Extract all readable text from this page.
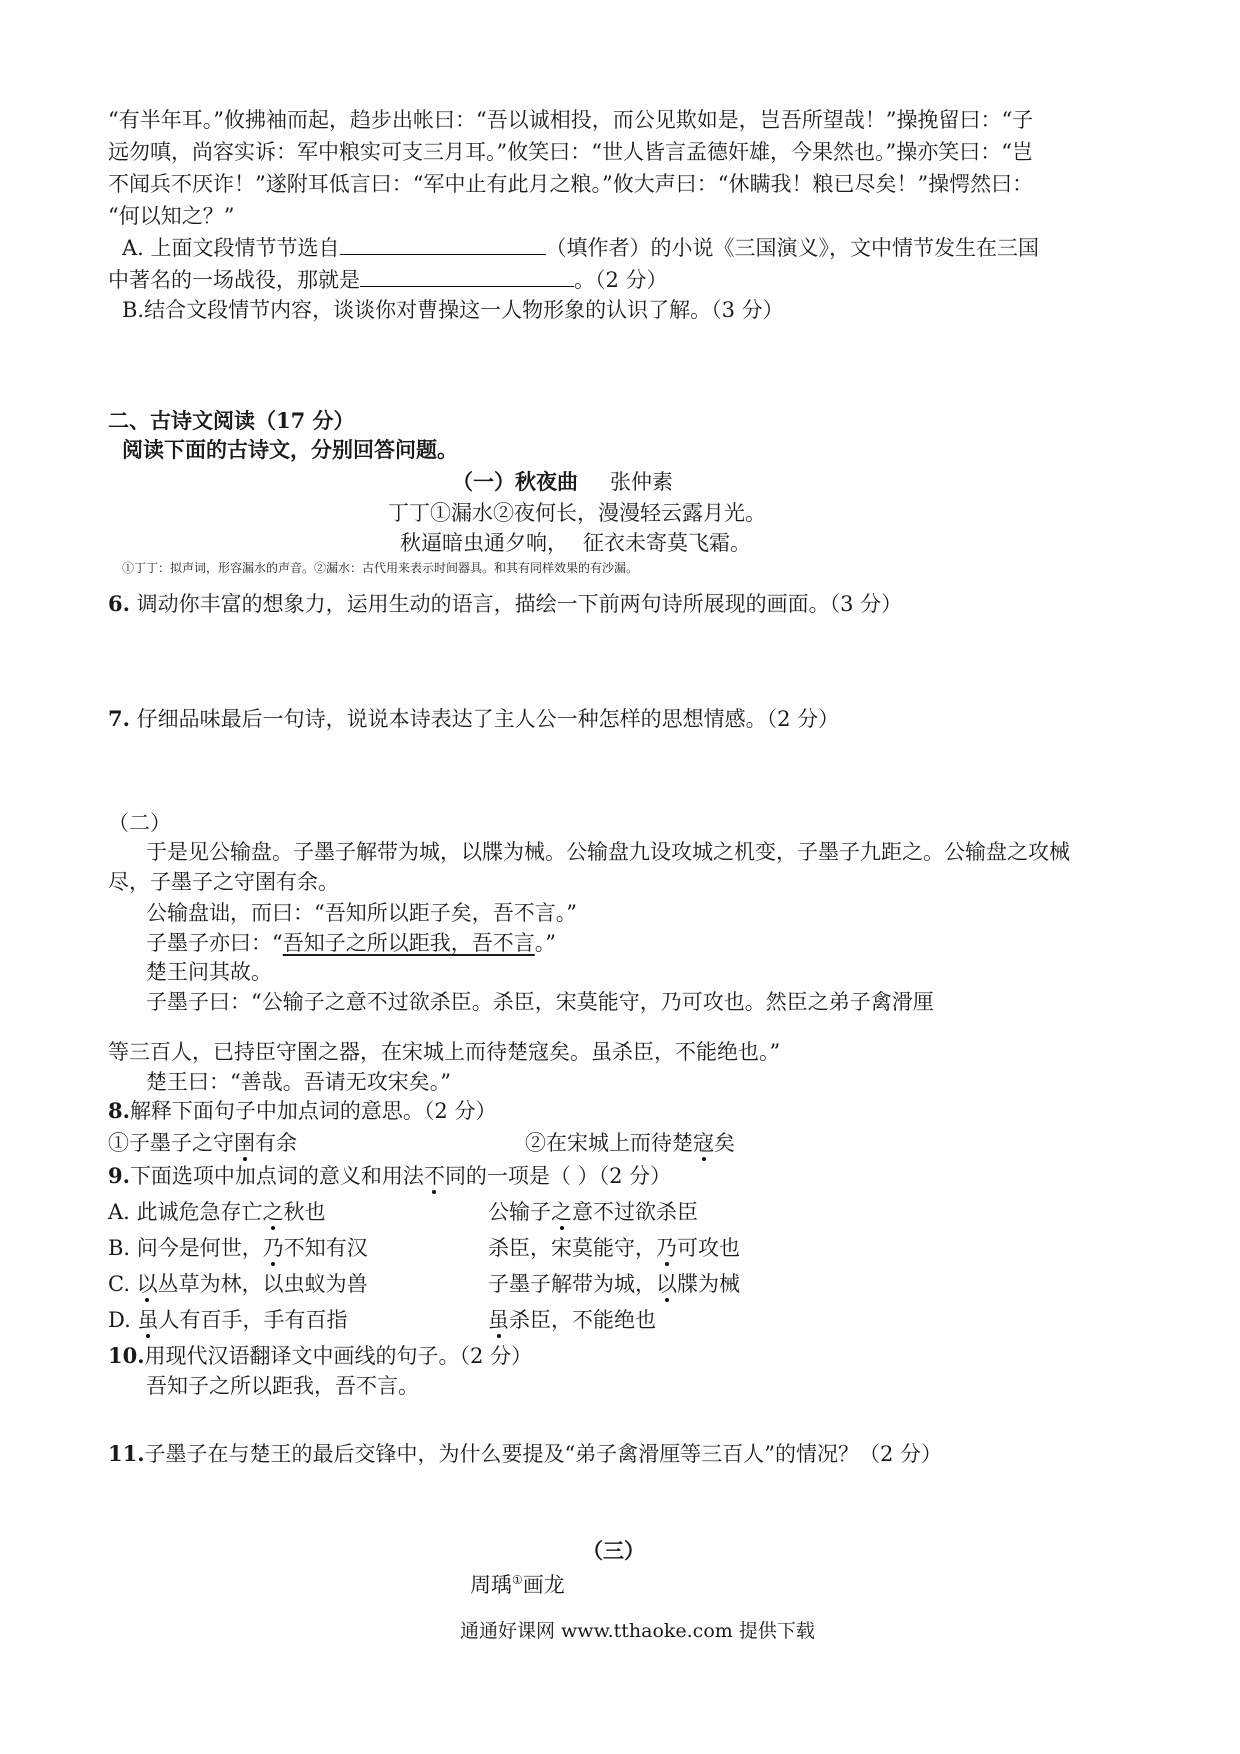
“有半年耳。”攸拂袖而起，趋步出帐曰：“吾以诚相投，而公见欺如是，岂吾所望哉！”操挽留曰：“子
远勿嗔，尚容实诉：军中粮实可支三月耳。”攸笑曰：“世人皆言孟德奸雄，今果然也。”操亦笑曰：“岂
不闻兵不厌诈！”遂附耳低言曰：“军中止有此月之粮。”攸大声曰：“休瞒我！粮已尽矣！”操愕然曰：
“何以知之？”
A. 上面文段情节节选自	（填作者）的小说《三国演义》，文中情节发生在三国
中著名的一场战役，那就是	。（2 分）
B.结合文段情节内容，谈谈你对曹操这一人物形象的认识了解。（3 分）
二、古诗文阅读（17 分）
阅读下面的古诗文，分别回答问题。
（一）秋夜曲 张仲素
丁丁①漏水②夜何长，漫漫轻云露月光。
秋逼暗虫通夕响， 征衣未寄莫飞霜。
①丁丁：拟声词，形容漏水的声音。②漏水：古代用来表示时间器具。和其有同样效果的有沙漏。
6. 调动你丰富的想象力，运用生动的语言，描绘一下前两句诗所展现的画面。（3 分）
7. 仔细品味最后一句诗，说说本诗表达了主人公一种怎样的思想情感。（2 分）
（二）
于是见公输盘。子墨子解带为城，以牒为械。公输盘九设攻城之机变，子墨子九距之。公输盘之攻械
尽，子墨子之守圉有余。
公输盘诎，而曰：“吾知所以距子矣，吾不言。”
子墨子亦曰：“吾知子之所以距我，吾不言。”
楚王问其故。
子墨子曰：“公输子之意不过欲杀臣。杀臣，宋莫能守，乃可攻也。然臣之弟子禽滑厘
等三百人，已持臣守圉之器，在宋城上而待楚寇矣。虽杀臣，不能绝也。”
楚王曰：“善哉。吾请无攻宋矣。”
8.解释下面句子中加点词的意思。（2 分）
①子墨子之守圉有余	②在宋城上而待楚寇矣
9.下面选项中加点词的意义和用法不同的一项是（ ）（2 分）
A. 此诚危急存亡之秋也	公输子之意不过欲杀臣
B. 问今是何世，乃不知有汉	杀臣，宋莫能守，乃可攻也
C. 以丛草为林，以虫蚁为兽	子墨子解带为城，以牒为械
D. 虽人有百手，手有百指	虽杀臣，不能绝也
10.用现代汉语翻译文中画线的句子。（2 分）
吾知子之所以距我，吾不言。
11.子墨子在与楚王的最后交锋中，为什么要提及“弟子禽滑厘等三百人”的情况？（2 分）
（三）
周瑀①画龙
通通好课网 www.tthaoke.com 提供下载
